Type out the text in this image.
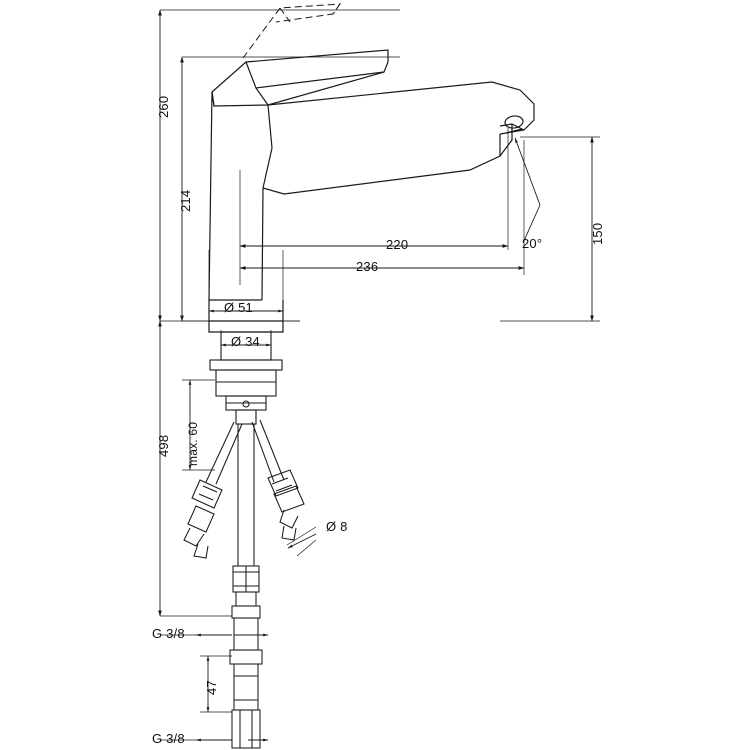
260
214
220
236
20°	150
Ø 51
Ø 34
498 max. 60
Ø 8
G 3/8
47
G 3/8
